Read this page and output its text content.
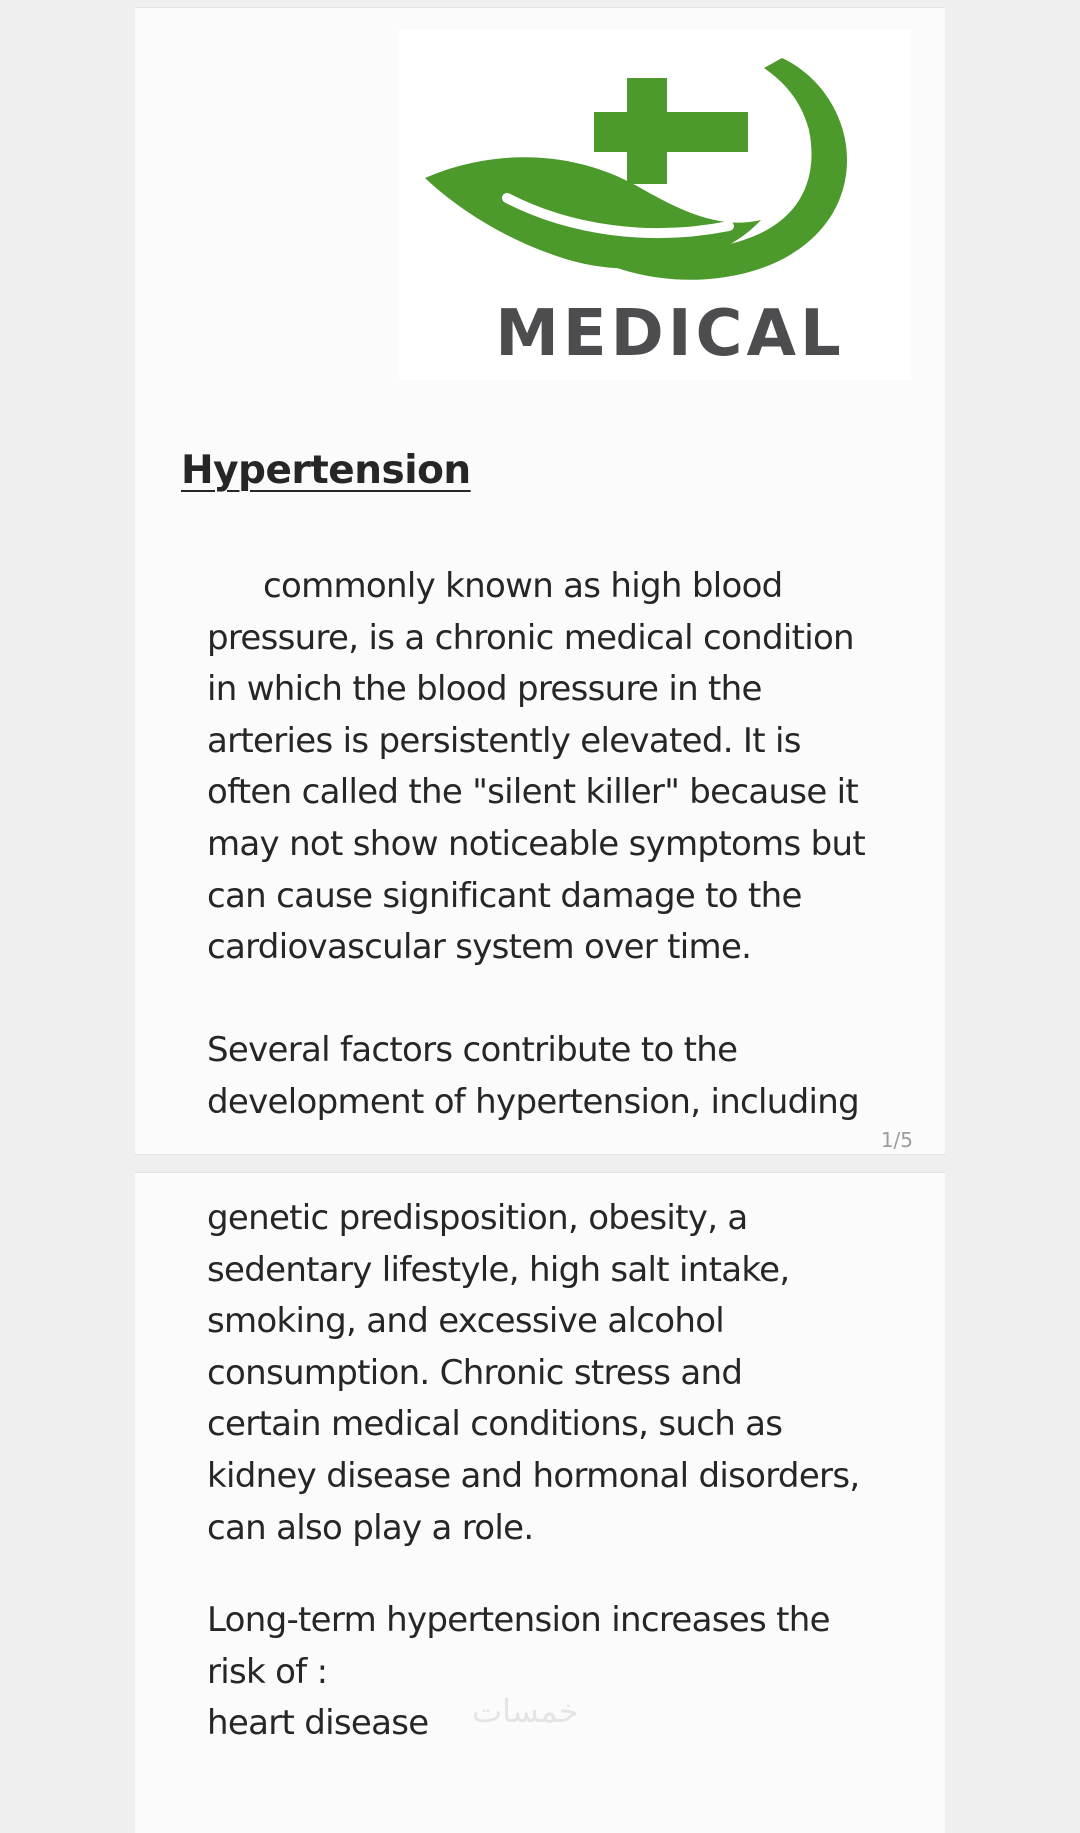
MEDICAL
Hypertension
commonly known as high blood
pressure, is a chronic medical condition
in which the blood pressure in the
arteries is persistently elevated. It is
often called the "silent killer" because it
may not show noticeable symptoms but
can cause significant damage to the
cardiovascular system over time.
Several factors contribute to the
development of hypertension, including
1/5
genetic predisposition, obesity, a
sedentary lifestyle, high salt intake,
smoking, and excessive alcohol
consumption. Chronic stress and
certain medical conditions, such as
kidney disease and hormonal disorders,
can also play a role.
Long-term hypertension increases the
risk of :
heart disease	خمسات
